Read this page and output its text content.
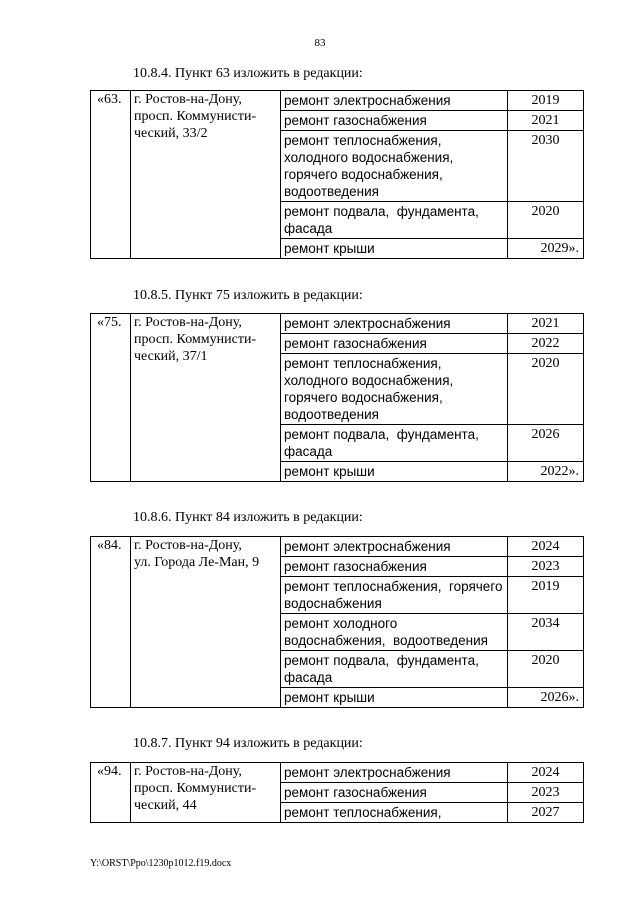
83
10.8.4. Пункт 63 изложить в редакции:
«63.	г. Ростов-на-Дону,
просп. Коммунисти-
ческий, 33/2	ремонт электроснабжения	2019
		ремонт газоснабжения	2021
		ремонт теплоснабжения,
холодного водоснабжения,
горячего водоснабжения,
водоотведения	2030
		ремонт подвала,  фундамента,
фасада	2020
		ремонт крыши	2029».
10.8.5. Пункт 75 изложить в редакции:
«75.	г. Ростов-на-Дону,
просп. Коммунисти-
ческий, 37/1	ремонт электроснабжения	2021
		ремонт газоснабжения	2022
		ремонт теплоснабжения,
холодного водоснабжения,
горячего водоснабжения,
водоотведения	2020
		ремонт подвала,  фундамента,
фасада	2026
		ремонт крыши	2022».
10.8.6. Пункт 84 изложить в редакции:
«84.	г. Ростов-на-Дону,
ул. Города Ле-Ман, 9	ремонт электроснабжения	2024
		ремонт газоснабжения	2023
		ремонт теплоснабжения,  горячего
водоснабжения	2019
		ремонт холодного
водоснабжения,  водоотведения	2034
		ремонт подвала,  фундамента,
фасада	2020
		ремонт крыши	2026».
10.8.7. Пункт 94 изложить в редакции:
«94.	г. Ростов-на-Дону,
просп. Коммунисти-
ческий, 44	ремонт электроснабжения	2024
		ремонт газоснабжения	2023
		ремонт теплоснабжения,	2027
Y:\ORST\Ppo\1230p1012.f19.docx
